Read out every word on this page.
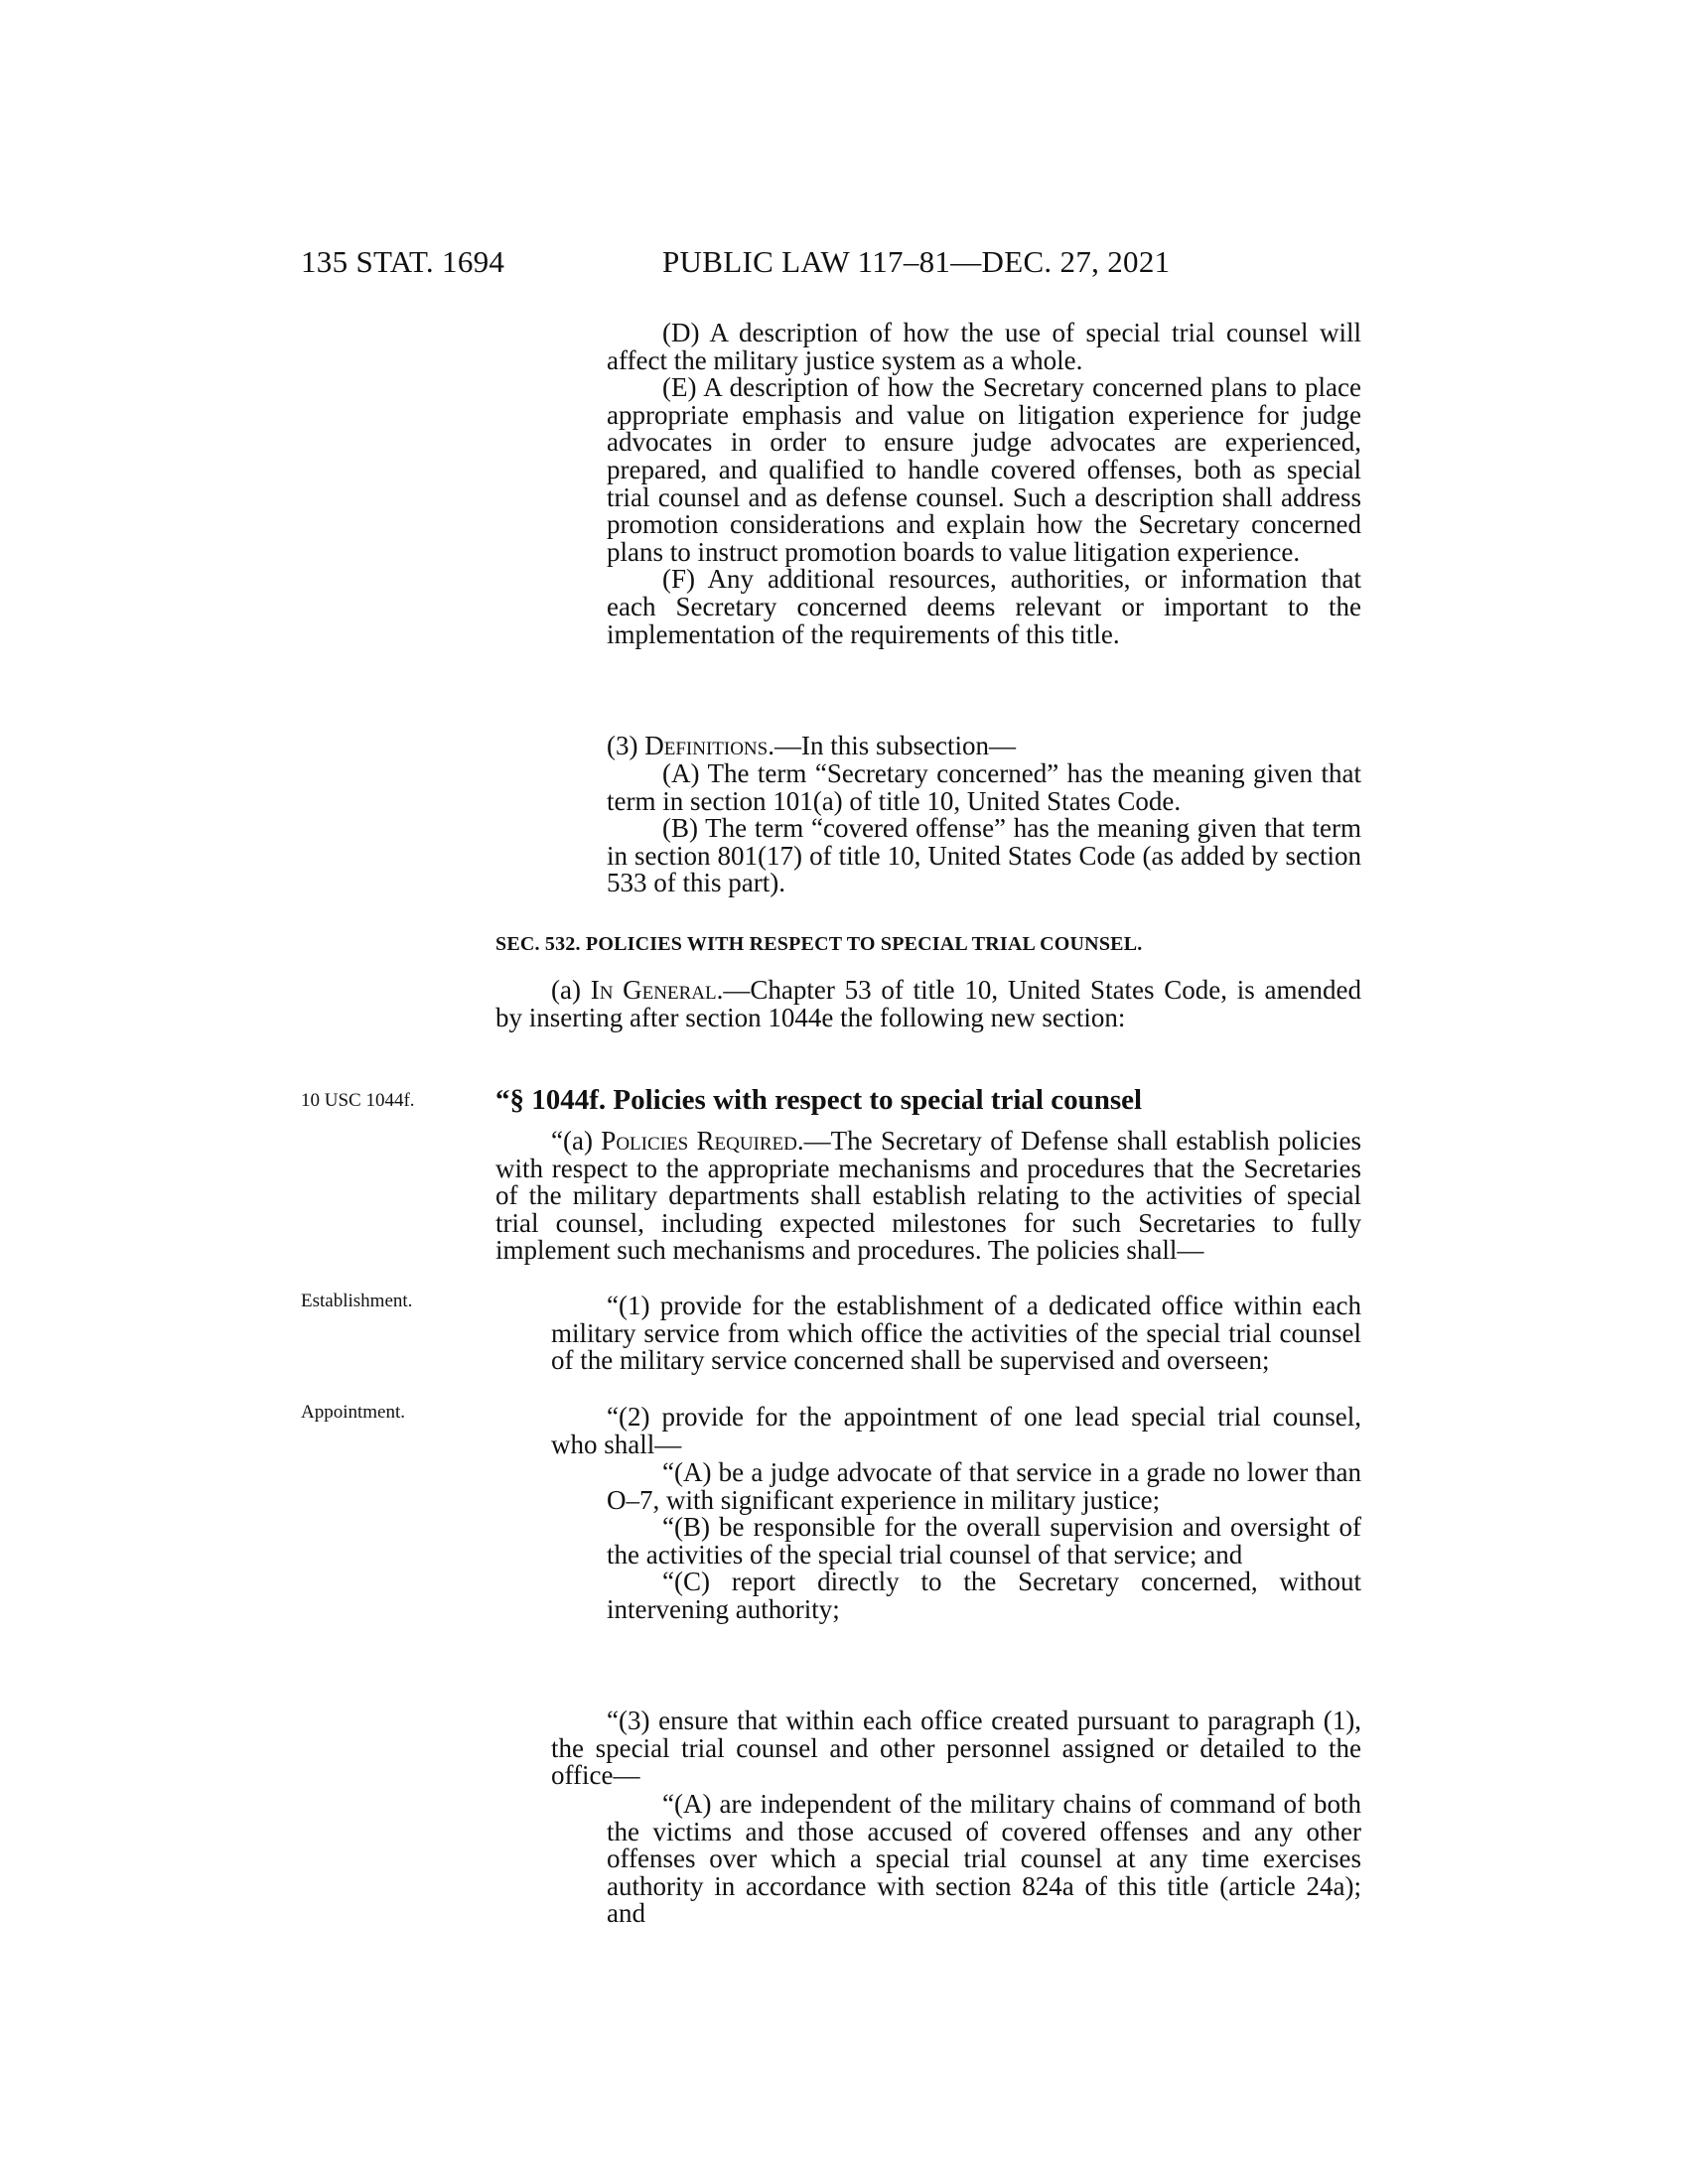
135 STAT. 1694	PUBLIC LAW 117–81—DEC. 27, 2021

(D) A description of how the use of special trial counsel will affect the military justice system as a whole.

(E) A description of how the Secretary concerned plans to place appropriate emphasis and value on litigation experience for judge advocates in order to ensure judge advocates are experienced, prepared, and qualified to handle covered offenses, both as special trial counsel and as defense counsel. Such a description shall address promotion considerations and explain how the Secretary concerned plans to instruct promotion boards to value litigation experience.

(F) Any additional resources, authorities, or information that each Secretary concerned deems relevant or important to the implementation of the requirements of this title.

(3) Definitions.—In this subsection—

(A) The term “Secretary concerned” has the meaning given that term in section 101(a) of title 10, United States Code.

(B) The term “covered offense” has the meaning given that term in section 801(17) of title 10, United States Code (as added by section 533 of this part).

SEC. 532. POLICIES WITH RESPECT TO SPECIAL TRIAL COUNSEL.

(a) In General.—Chapter 53 of title 10, United States Code, is amended by inserting after section 1044e the following new section:

10 USC 1044f.	“§ 1044f. Policies with respect to special trial counsel

“(a) Policies Required.—The Secretary of Defense shall establish policies with respect to the appropriate mechanisms and procedures that the Secretaries of the military departments shall establish relating to the activities of special trial counsel, including expected milestones for such Secretaries to fully implement such mechanisms and procedures. The policies shall—

Establishment.	“(1) provide for the establishment of a dedicated office within each military service from which office the activities of the special trial counsel of the military service concerned shall be supervised and overseen;

Appointment.	“(2) provide for the appointment of one lead special trial counsel, who shall—

“(A) be a judge advocate of that service in a grade no lower than O–7, with significant experience in military justice;

“(B) be responsible for the overall supervision and oversight of the activities of the special trial counsel of that service; and

“(C) report directly to the Secretary concerned, without intervening authority;

“(3) ensure that within each office created pursuant to paragraph (1), the special trial counsel and other personnel assigned or detailed to the office—

“(A) are independent of the military chains of command of both the victims and those accused of covered offenses and any other offenses over which a special trial counsel at any time exercises authority in accordance with section 824a of this title (article 24a); and
